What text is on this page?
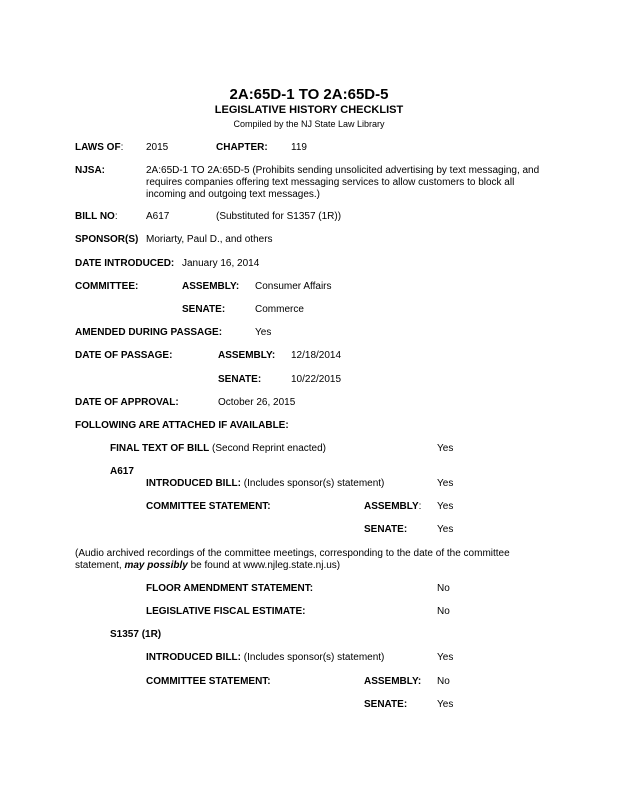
2A:65D-1 TO 2A:65D-5
LEGISLATIVE HISTORY CHECKLIST
Compiled by the NJ State Law Library
LAWS OF: 2015	CHAPTER: 119
NJSA:	2A:65D-1 TO 2A:65D-5 (Prohibits sending unsolicited advertising by text messaging, and requires companies offering text messaging services to allow customers to block all incoming and outgoing text messages.)
BILL NO:	A617	(Substituted for S1357 (1R))
SPONSOR(S) Moriarty, Paul D., and others
DATE INTRODUCED: January 16, 2014
COMMITTEE:	ASSEMBLY: Consumer Affairs
SENATE:	Commerce
AMENDED DURING PASSAGE:	Yes
DATE OF PASSAGE:	ASSEMBLY: 12/18/2014
SENATE:	10/22/2015
DATE OF APPROVAL:	October 26, 2015
FOLLOWING ARE ATTACHED IF AVAILABLE:
FINAL TEXT OF BILL (Second Reprint enacted)	Yes
A617
INTRODUCED BILL: (Includes sponsor(s) statement)	Yes
COMMITTEE STATEMENT:	ASSEMBLY: Yes
SENATE:	Yes
(Audio archived recordings of the committee meetings, corresponding to the date of the committee statement, may possibly be found at www.njleg.state.nj.us)
FLOOR AMENDMENT STATEMENT:	No
LEGISLATIVE FISCAL ESTIMATE:	No
S1357 (1R)
INTRODUCED BILL: (Includes sponsor(s) statement)	Yes
COMMITTEE STATEMENT:	ASSEMBLY: No
SENATE:	Yes
